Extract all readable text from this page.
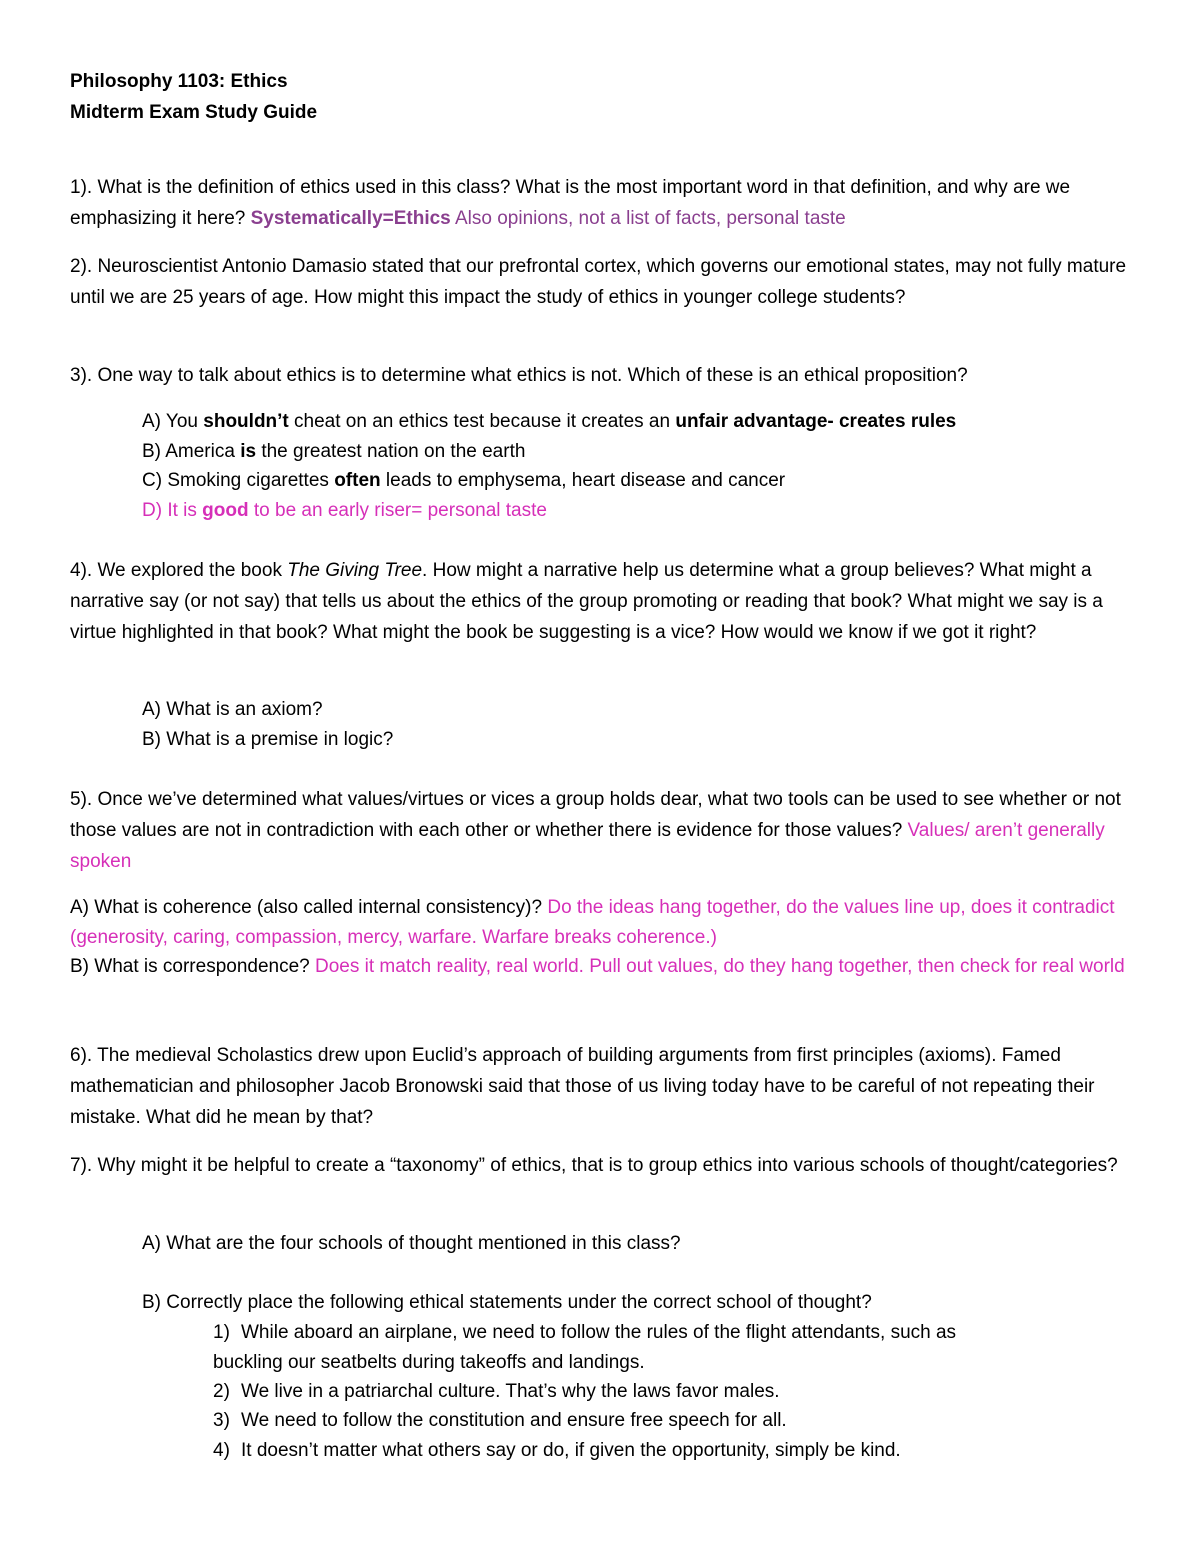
Philosophy 1103: Ethics
Midterm Exam Study Guide

1). What is the definition of ethics used in this class? What is the most important word in that definition, and why are we emphasizing it here? Systematically=Ethics Also opinions, not a list of facts, personal taste

2). Neuroscientist Antonio Damasio stated that our prefrontal cortex, which governs our emotional states, may not fully mature until we are 25 years of age. How might this impact the study of ethics in younger college students?

3). One way to talk about ethics is to determine what ethics is not. Which of these is an ethical proposition?

A) You shouldn’t cheat on an ethics test because it creates an unfair advantage- creates rules

B) America is the greatest nation on the earth

C) Smoking cigarettes often leads to emphysema, heart disease and cancer

D) It is good to be an early riser= personal taste

4). We explored the book The Giving Tree. How might a narrative help us determine what a group believes? What might a narrative say (or not say) that tells us about the ethics of the group promoting or reading that book? What might we say is a virtue highlighted in that book? What might the book be suggesting is a vice? How would we know if we got it right?

A) What is an axiom?

B) What is a premise in logic?

5). Once we’ve determined what values/virtues or vices a group holds dear, what two tools can be used to see whether or not those values are not in contradiction with each other or whether there is evidence for those values? Values/ aren’t generally spoken

A) What is coherence (also called internal consistency)? Do the ideas hang together, do the values line up, does it contradict (generosity, caring, compassion, mercy, warfare. Warfare breaks coherence.)

B) What is correspondence? Does it match reality, real world. Pull out values, do they hang together, then check for real world

6). The medieval Scholastics drew upon Euclid’s approach of building arguments from first principles (axioms). Famed mathematician and philosopher Jacob Bronowski said that those of us living today have to be careful of not repeating their mistake. What did he mean by that?

7). Why might it be helpful to create a “taxonomy” of ethics, that is to group ethics into various schools of thought/categories?

A) What are the four schools of thought mentioned in this class?

B) Correctly place the following ethical statements under the correct school of thought?

1) While aboard an airplane, we need to follow the rules of the flight attendants, such as
buckling our seatbelts during takeoffs and landings.
2) We live in a patriarchal culture. That’s why the laws favor males.
3) We need to follow the constitution and ensure free speech for all.
4) It doesn’t matter what others say or do, if given the opportunity, simply be kind.
